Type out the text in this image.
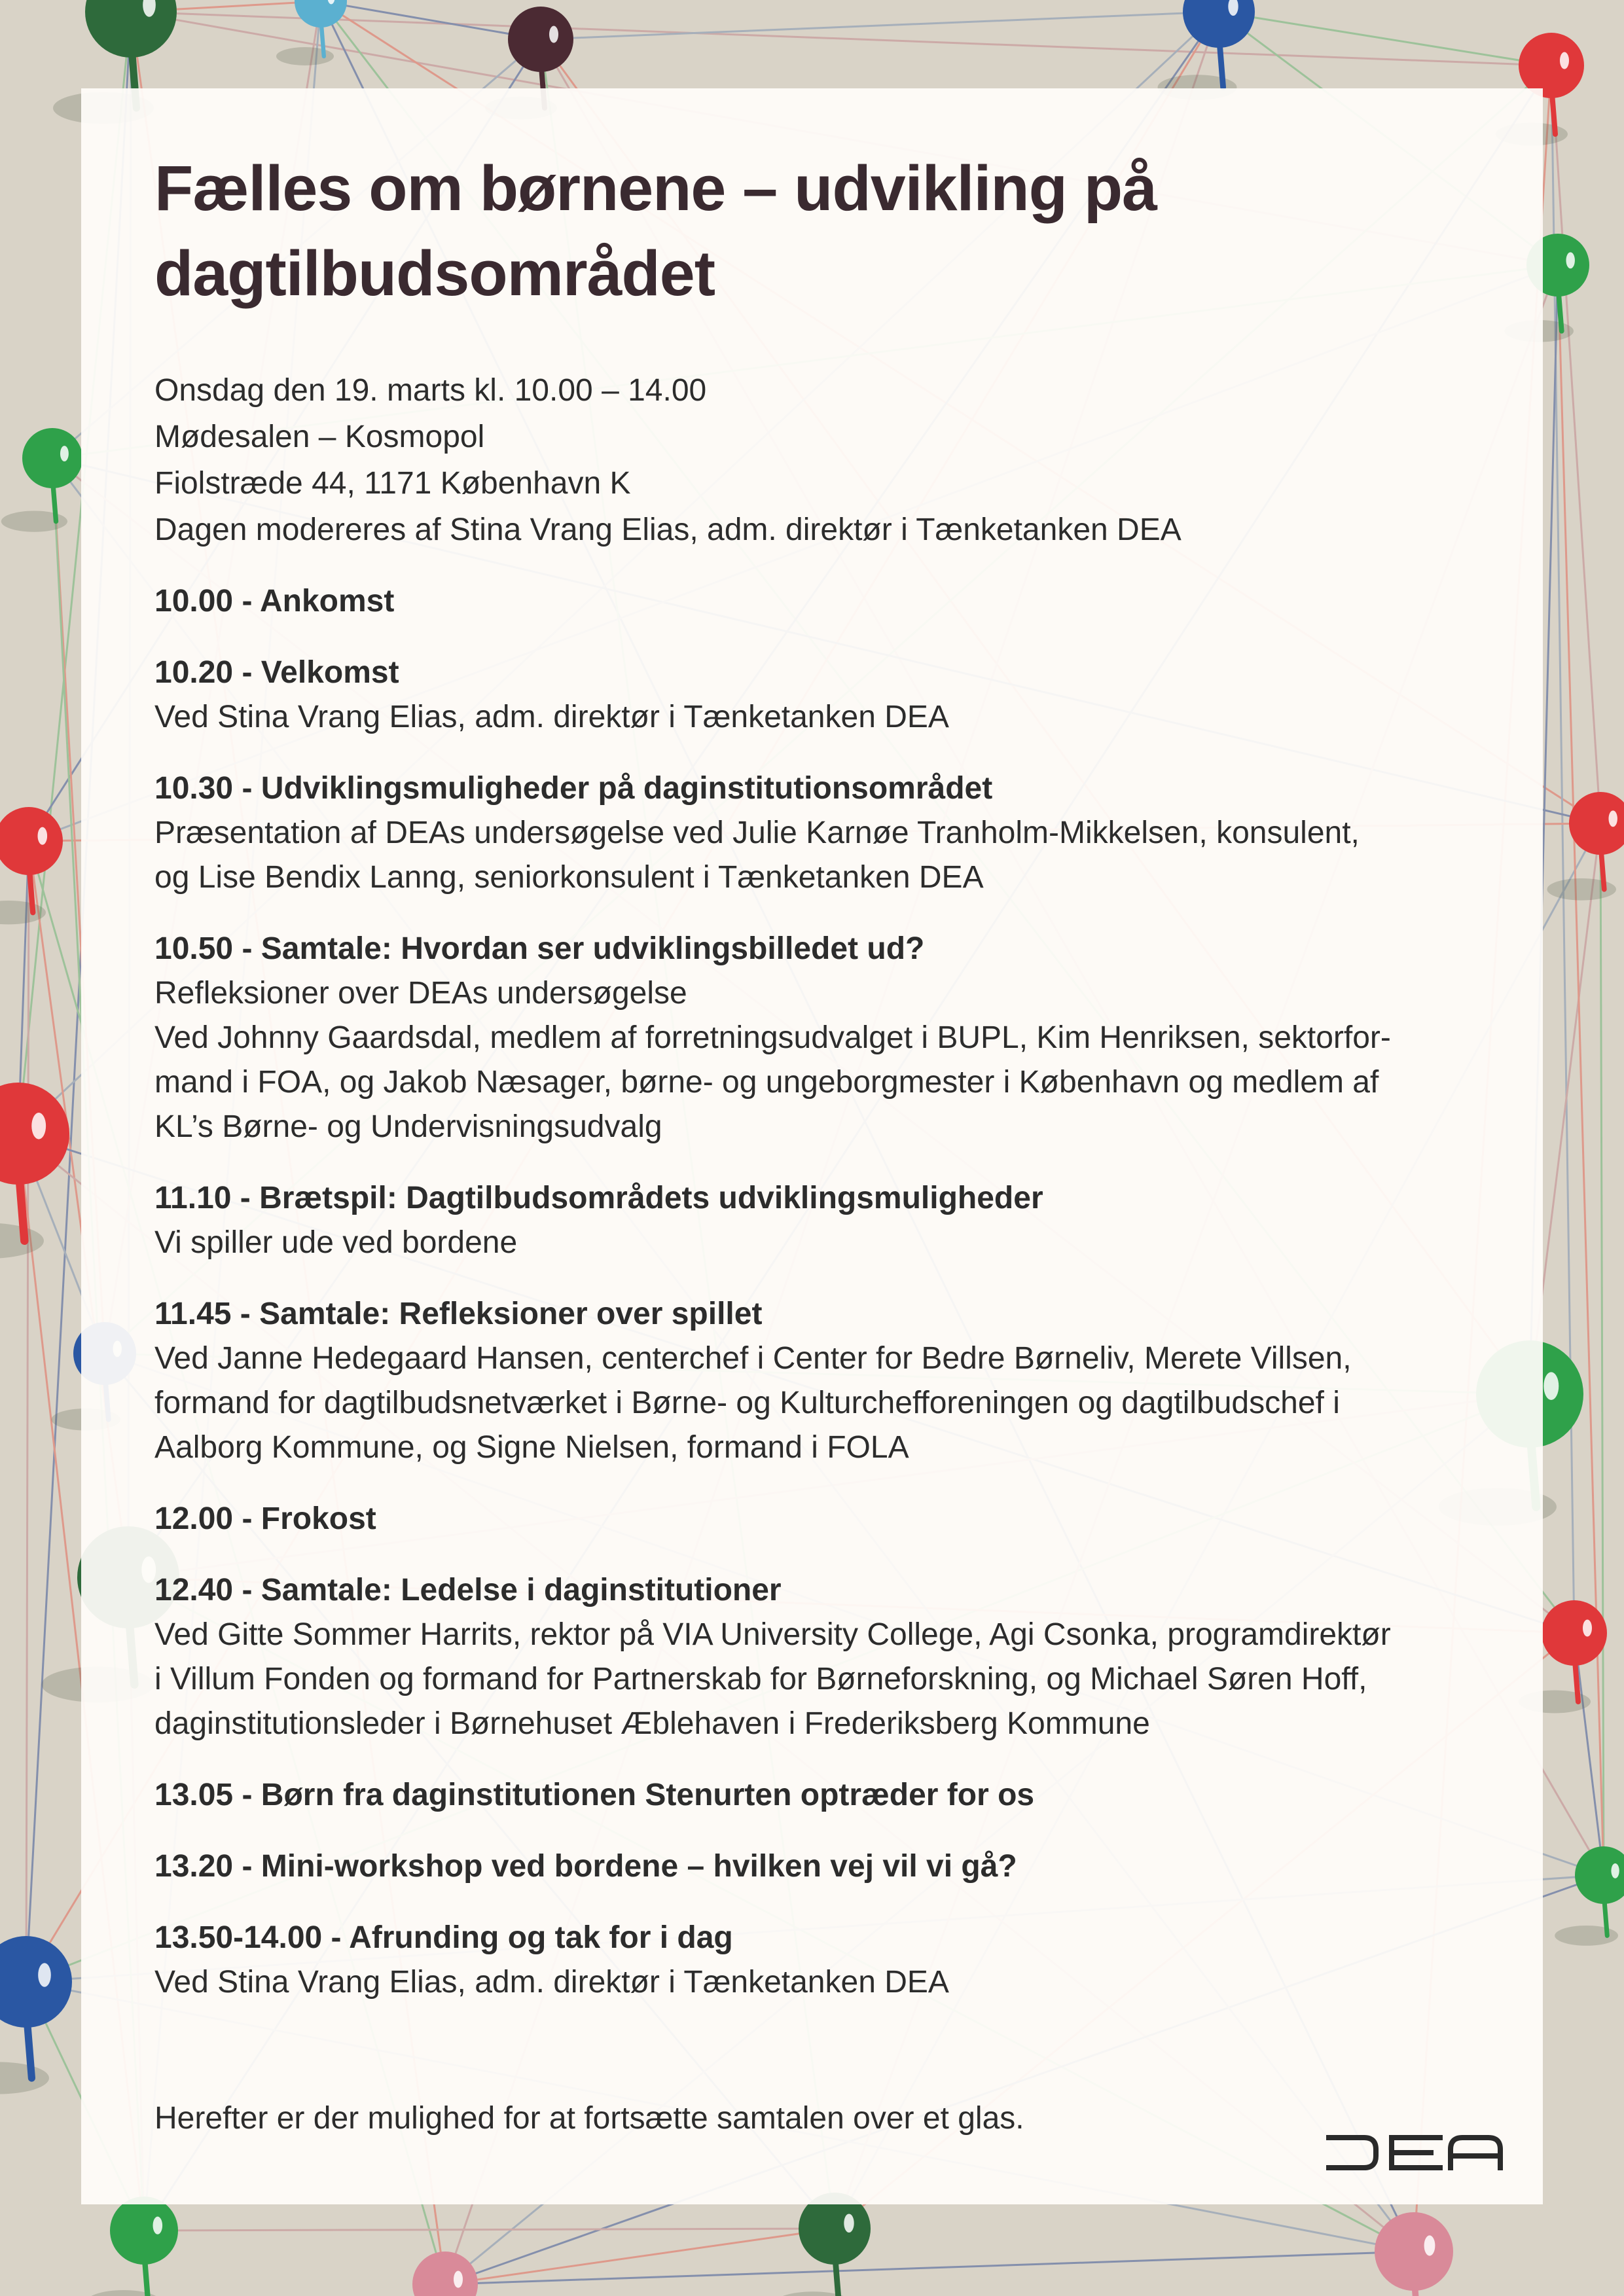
Fælles om børnene – udvikling på dagtilbudsområdet
Onsdag den 19. marts kl. 10.00 – 14.00
Mødesalen – Kosmopol
Fiolstræde 44, 1171 København K
Dagen modereres af Stina Vrang Elias, adm. direktør i Tænketanken DEA
10.00 - Ankomst
10.20 - Velkomst
Ved Stina Vrang Elias, adm. direktør i Tænketanken DEA
10.30 - Udviklingsmuligheder på daginstitutionsområdet
Præsentation af DEAs undersøgelse ved Julie Karnøe Tranholm-Mikkelsen, konsulent,
og Lise Bendix Lanng, seniorkonsulent i Tænketanken DEA
10.50 - Samtale: Hvordan ser udviklingsbilledet ud?
Refleksioner over DEAs undersøgelse
Ved Johnny Gaardsdal, medlem af forretningsudvalget i BUPL, Kim Henriksen, sektorfor-
mand i FOA, og Jakob Næsager, børne- og ungeborgmester i København og medlem af
KL’s Børne- og Undervisningsudvalg
11.10 - Brætspil: Dagtilbudsområdets udviklingsmuligheder
Vi spiller ude ved bordene
11.45 - Samtale: Refleksioner over spillet
Ved Janne Hedegaard Hansen, centerchef i Center for Bedre Børneliv, Merete Villsen,
formand for dagtilbudsnetværket i Børne- og Kulturchefforeningen og dagtilbudschef i
Aalborg Kommune, og Signe Nielsen, formand i FOLA
12.00 - Frokost
12.40 - Samtale: Ledelse i daginstitutioner
Ved Gitte Sommer Harrits, rektor på VIA University College, Agi Csonka, programdirektør
i Villum Fonden og formand for Partnerskab for Børneforskning, og Michael Søren Hoff,
daginstitutionsleder i Børnehuset Æblehaven i Frederiksberg Kommune
13.05 - Børn fra daginstitutionen Stenurten optræder for os
13.20 - Mini-workshop ved bordene – hvilken vej vil vi gå?
13.50-14.00 - Afrunding og tak for i dag
Ved Stina Vrang Elias, adm. direktør i Tænketanken DEA
Herefter er der mulighed for at fortsætte samtalen over et glas.
